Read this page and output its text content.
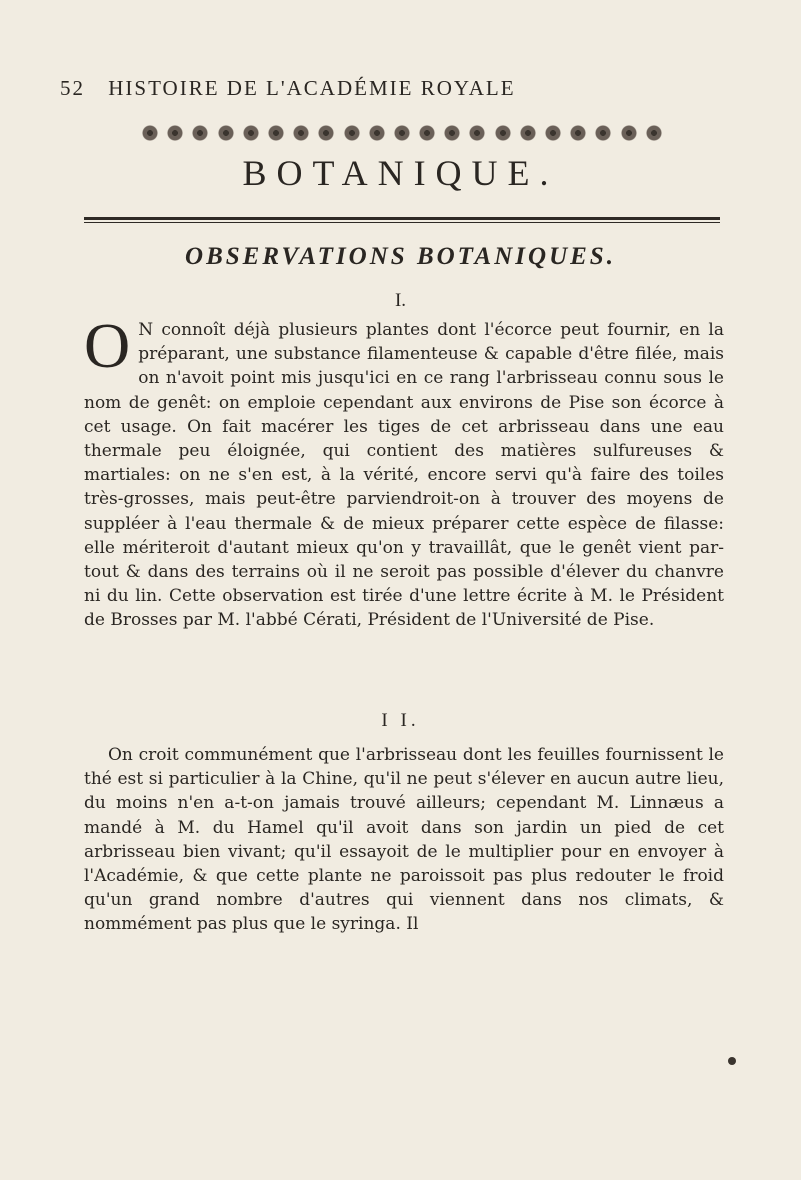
52 HISTOIRE DE L'ACADÉMIE ROYALE
BOTANIQUE.
OBSERVATIONS BOTANIQUES.
I.
O N connoît déjà plusieurs plantes dont l'écorce peut fournir, en la préparant, une substance filamenteuse & capable d'être filée, mais on n'avoit point mis jusqu'ici en ce rang l'arbrisseau connu sous le nom de genêt: on emploie cependant aux environs de Pise son écorce à cet usage. On fait macérer les tiges de cet arbrisseau dans une eau thermale peu éloignée, qui contient des matières sulfureuses & martiales: on ne s'en est, à la vérité, encore servi qu'à faire des toiles très-grosses, mais peut-être parviendroit-on à trouver des moyens de suppléer à l'eau thermale & de mieux préparer cette espèce de filasse: elle mériteroit d'autant mieux qu'on y travaillât, que le genêt vient par-tout & dans des terrains où il ne seroit pas possible d'élever du chanvre ni du lin. Cette observation est tirée d'une lettre écrite à M. le Président de Brosses par M. l'abbé Cérati, Président de l'Université de Pise.
I I.
On croit communément que l'arbrisseau dont les feuilles fournissent le thé est si particulier à la Chine, qu'il ne peut s'élever en aucun autre lieu, du moins n'en a-t-on jamais trouvé ailleurs; cependant M. Linnæus a mandé à M. du Hamel qu'il avoit dans son jardin un pied de cet arbrisseau bien vivant; qu'il essayoit de le multiplier pour en envoyer à l'Académie, & que cette plante ne paroissoit pas plus redouter le froid qu'un grand nombre d'autres qui viennent dans nos climats, & nommément pas plus que le syringa. Il
